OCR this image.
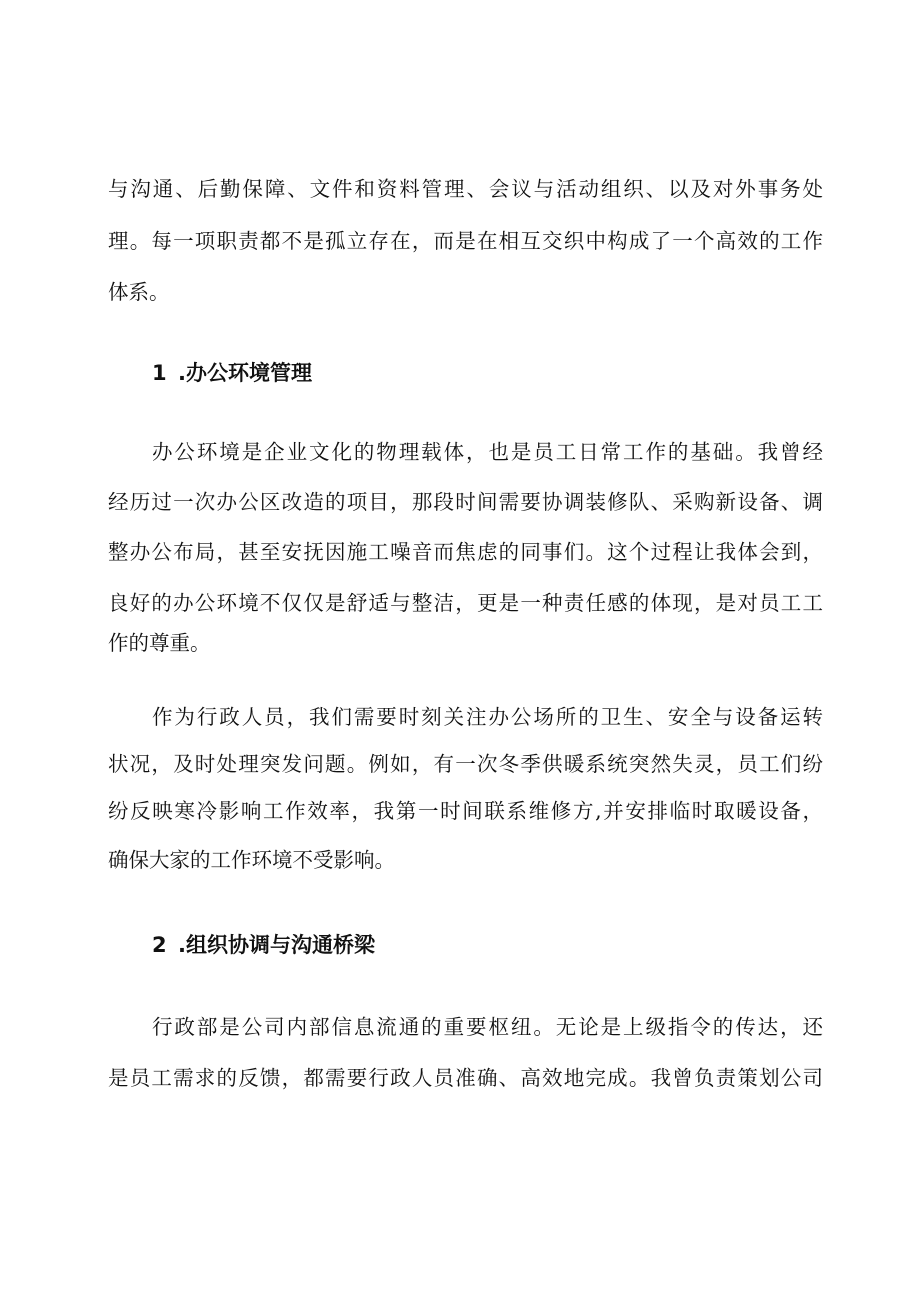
与沟通、后勤保障、文件和资料管理、会议与活动组织、以及对外事务处
理。每一项职责都不是孤立存在，而是在相互交织中构成了一个高效的工作
体系。
1 .办公环境管理
办公环境是企业文化的物理载体，也是员工日常工作的基础。我曾经
经历过一次办公区改造的项目，那段时间需要协调装修队、采购新设备、调
整办公布局，甚至安抚因施工噪音而焦虑的同事们。这个过程让我体会到，
良好的办公环境不仅仅是舒适与整洁，更是一种责任感的体现，是对员工工
作的尊重。
作为行政人员，我们需要时刻关注办公场所的卫生、安全与设备运转
状况，及时处理突发问题。例如，有一次冬季供暖系统突然失灵，员工们纷
纷反映寒冷影响工作效率，我第一时间联系维修方,并安排临时取暖设备，
确保大家的工作环境不受影响。
2 .组织协调与沟通桥梁
行政部是公司内部信息流通的重要枢纽。无论是上级指令的传达，还
是员工需求的反馈，都需要行政人员准确、高效地完成。我曾负责策划公司
